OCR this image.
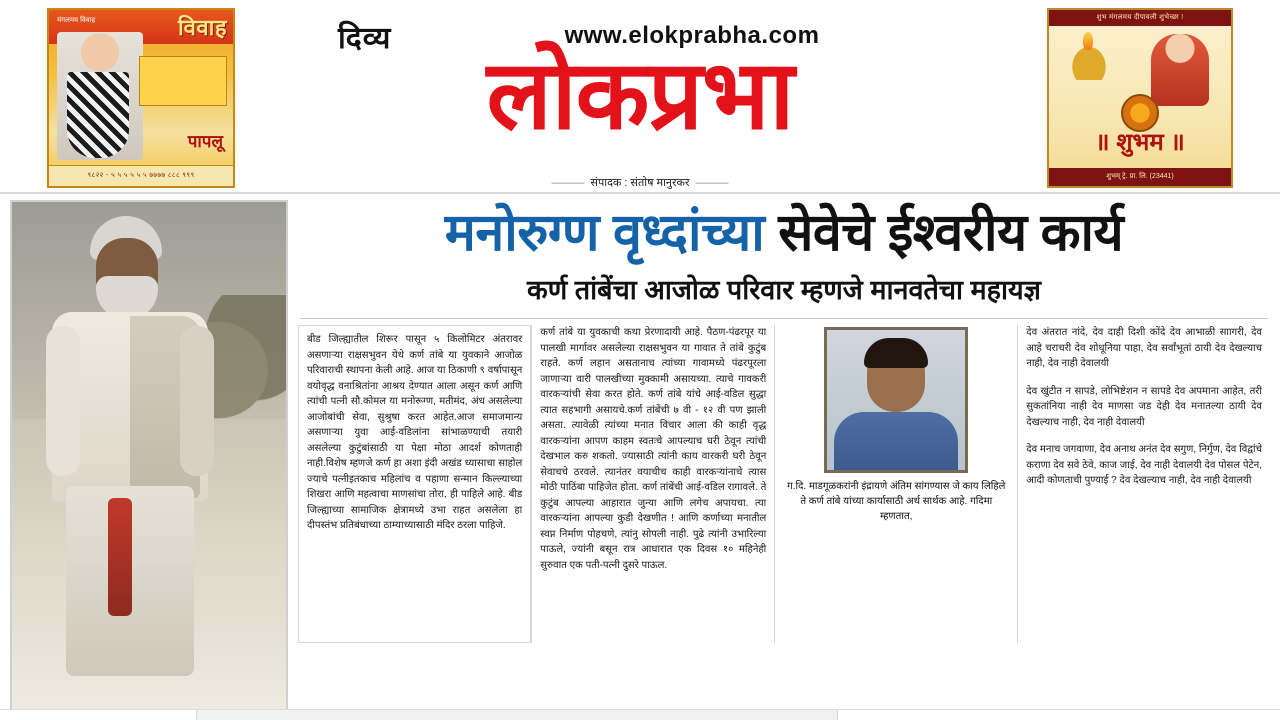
मंगलमय विवाह	विवाह
पापलू
९८२२ - ५ ५ ५ ५ ५ ५ ७७७७ ८८८ ९९९
दिव्य	www.elokprabha.com
लोकप्रभा
——— संपादक : संतोष मानुरकर ———
शुभ मंगलमय दीपावली शुभेच्छा !
॥ शुभम ॥
शुभम् ट्रे. प्रा. लि. (23441)
मनोरुग्ण वृध्दांच्या सेवेचे ईश्वरीय कार्य
कर्ण तांबेंचा आजोळ परिवार म्हणजे मानवतेचा महायज्ञ

बीड जिल्ह्यातील शिरूर पासून ५ किलोमिटर अंतरावर असणाऱ्या राक्षसभुवन येथे कर्ण तांबे या युवकाने आजोळ परिवाराची स्थापना केली आहे. आज या ठिकाणी ९ वर्षापासून वयोवृद्ध वनाश्रितांना आश्रय देण्यात आला असून कर्ण आणि त्यांची पत्नी सौ.कोमल या मनोरूग्ण, मतीमंद, अंध असलेल्या आजोबांची सेवा, सुश्रुषा करत आहेत.आज समाजमान्य असणाऱ्या युवा आई-वडिलांना सांभाळण्याची तयारी असलेल्या कुटुंबांसाठी या पेक्षा मोठा आदर्श कोणताही नाही.विशेष म्हणजे कर्ण हा अशा इंदी अखंड ध्यासाचा साहोल ज्याचे पत्नीइतकाच महिलांच व पहाणा सन्मान किल्ल्याच्या शिखरा आणि महत्वाचा माणसांचा तोरा, ही पाहिले आहे. बीड जिल्ह्याच्या सामाजिक क्षेत्रामध्ये उभा राहत असलेला हा दीपस्तंभ प्रतिबंधाच्या ठाम्याच्यासाठी मंदिर ठरला पाहिजे.

कर्ण तांबे या युवकाची कथा प्रेरणादायी आहे. पैठण-पंढरपूर या पालखी मार्गावर असलेल्या राक्षसभुवन या गावात ते तांबे कुटुंब राहते. कर्ण लहान असतानाच त्यांच्या गावामध्ये पंढरपूरला जाणाऱ्या वारी पालखीच्या मुक्कामी असायच्या. त्याचे गावकरी वारकऱ्यांची सेवा करत होते. कर्ण तांबे यांचे आई-वडिल सुद्धा त्यात सहभागी असायचे.कर्ण तांबेंची ७ वी - १२ वी पण झाली असता. त्यावेळी त्यांच्या मनात विचार आला की काही वृद्ध वारकऱ्यांना आपण काहम स्वतःचे आपल्याच घरी ठेवून त्यांची देखभाल करु शकतो. ज्यासाठी त्यांनी काय वारकरी घरी ठेवून सेवाचचे ठरवले. त्यानंतर वयाचीच काही वारकऱ्यांनाचे त्यास मोठी पाठिंबा पाहिजेत होता. कर्ण तांबेंची आई-वडिल रागावले. ते कुटुंब आपल्या आहारात जुन्या आणि लगेच अपायचा. त्या वारकऱ्यांना आपल्या कुडी देखणीत ! आणि कर्णाच्या मनातील स्वप्न निर्माण पोहचणे, त्यांनु सोपली नाही. पुढे त्यांनी उभारिल्या पाऊले, ज्यांनी बसून रात्र आधारात एक दिवस १० महिनेही सुरुवात एक पती-पत्नी दुसरे पाऊल.

ग.दि. माडगूळकरांनी इंद्रायणे अंतिम सांगण्यास जे काय लिहिले ते कर्ण तांबे यांच्या कार्यासाठी अर्थ सार्थक आहे. गदिमा म्हणतात,

देव अंतरात नांदे, देव दाही दिशी कोंदे देव आभाळी साागरी, देव आहे चराचरी देव शोधूनिया पाहा, देव सर्वांभूतां ठायी देव देखल्याच नाही, देव नाही देवालयी

देव खुंटीत न सापडे, लोभिष्टेशन न सापडे देव अपमाना आहेत, तरी सुकतांनिया नाही देव माणसा जड देही देव मनातल्या ठायी देव देखल्याच नाही, देव नाही देवालयी

देव मनाच जगवाणा, देव अनाथ अनंत देव सगुण, निर्गुण, देव विद्वांचे कराणा देव सवे ठेवे, काज जाई, देव नाही देवालयी देव पोसल पेटेन, आदी कोणताची पुण्याई ? देव देखल्याच नाही, देव नाही देवालयी
